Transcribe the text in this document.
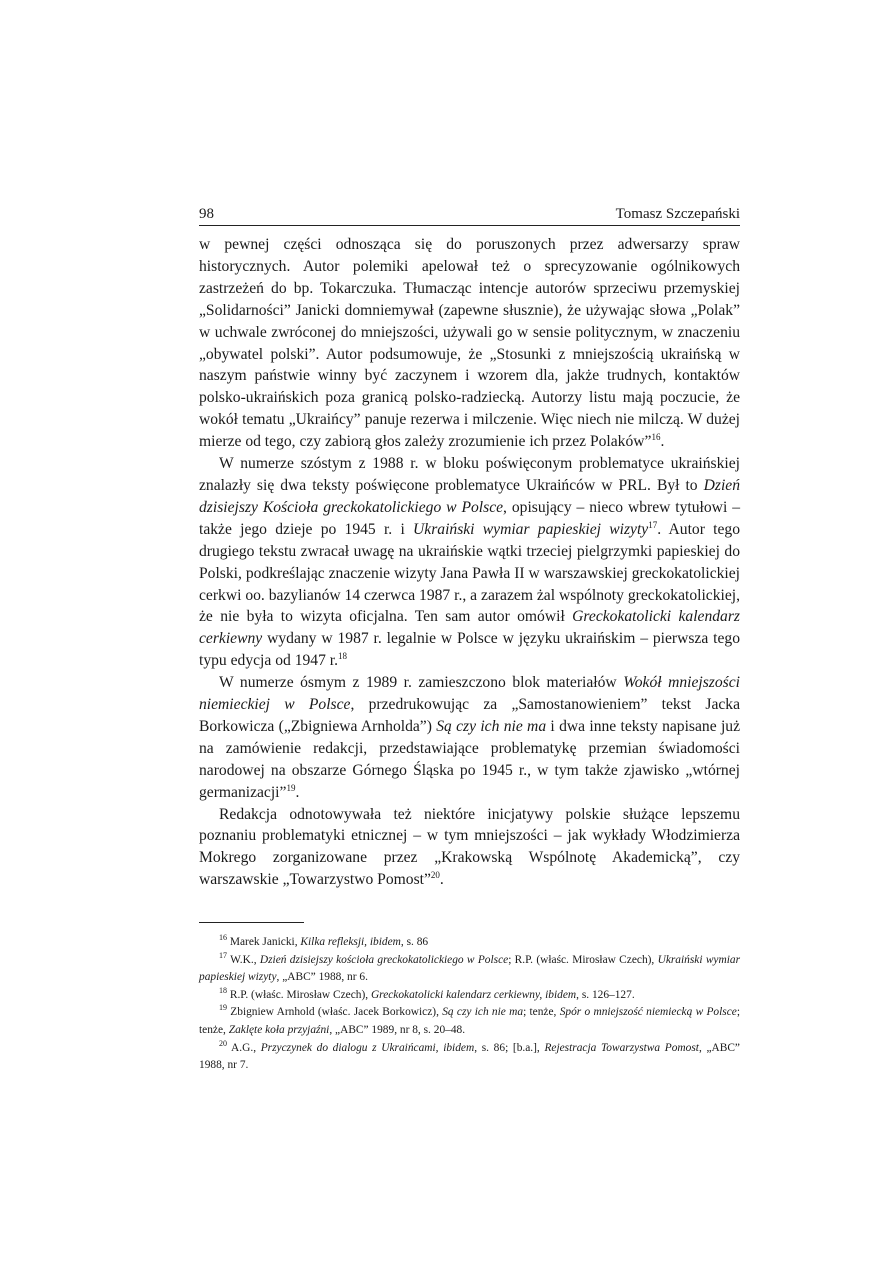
98	Tomasz Szczepański

w pewnej części odnosząca się do poruszonych przez adwersarzy spraw historycznych. Autor polemiki apelował też o sprecyzowanie ogólnikowych zastrzeżeń do bp. Tokarczuka. Tłumacząc intencje autorów sprzeciwu przemyskiej „Solidarności” Janicki domniemywał (zapewne słusznie), że używając słowa „Polak” w uchwale zwróconej do mniejszości, używali go w sensie politycznym, w znaczeniu „obywatel polski”. Autor podsumowuje, że „Stosunki z mniejszością ukraińską w naszym państwie winny być zaczynem i wzorem dla, jakże trudnych, kontaktów polsko-ukraińskich poza granicą polsko-radziecką. Autorzy listu mają poczucie, że wokół tematu „Ukraińcy” panuje rezerwa i milczenie. Więc niech nie milczą. W dużej mierze od tego, czy zabiorą głos zależy zrozumienie ich przez Polaków”$^{16}$.

W numerze szóstym z 1988 r. w bloku poświęconym problematyce ukraińskiej znalazły się dwa teksty poświęcone problematyce Ukraińców w PRL. Był to Dzień dzisiejszy Kościoła greckokatolickiego w Polsce, opisujący – nieco wbrew tytułowi – także jego dzieje po 1945 r. i Ukraiński wymiar papieskiej wizyty$^{17}$. Autor tego drugiego tekstu zwracał uwagę na ukraińskie wątki trzeciej pielgrzymki papieskiej do Polski, podkreślając znaczenie wizyty Jana Pawła II w warszawskiej greckokatolickiej cerkwi oo. bazylianów 14 czerwca 1987 r., a zarazem żal wspólnoty greckokatolickiej, że nie była to wizyta oficjalna. Ten sam autor omówił Greckokatolicki kalendarz cerkiewny wydany w 1987 r. legalnie w Polsce w języku ukraińskim – pierwsza tego typu edycja od 1947 r.$^{18}$

W numerze ósmym z 1989 r. zamieszczono blok materiałów Wokół mniejszości niemieckiej w Polsce, przedrukowując za „Samostanowieniem” tekst Jacka Borkowicza („Zbigniewa Arnholda”) Są czy ich nie ma i dwa inne teksty napisane już na zamówienie redakcji, przedstawiające problematykę przemian świadomości narodowej na obszarze Górnego Śląska po 1945 r., w tym także zjawisko „wtórnej germanizacji”$^{19}$.

Redakcja odnotowywała też niektóre inicjatywy polskie służące lepszemu poznaniu problematyki etnicznej – w tym mniejszości – jak wykłady Włodzimierza Mokrego zorganizowane przez „Krakowską Wspólnotę Akademicką”, czy warszawskie „Towarzystwo Pomost”$^{20}$.

$^{16}$ Marek Janicki, Kilka refleksji, ibidem, s. 86

$^{17}$ W.K., Dzień dzisiejszy kościoła greckokatolickiego w Polsce; R.P. (właśc. Mirosław Czech), Ukraiński wymiar papieskiej wizyty, „ABC” 1988, nr 6.

$^{18}$ R.P. (właśc. Mirosław Czech), Greckokatolicki kalendarz cerkiewny, ibidem, s. 126–127.

$^{19}$ Zbigniew Arnhold (właśc. Jacek Borkowicz), Są czy ich nie ma; tenże, Spór o mniejszość niemiecką w Polsce; tenże, Zaklęte koła przyjaźni, „ABC” 1989, nr 8, s. 20–48.

$^{20}$ A.G., Przyczynek do dialogu z Ukraińcami, ibidem, s. 86; [b.a.], Rejestracja Towarzystwa Pomost, „ABC” 1988, nr 7.
